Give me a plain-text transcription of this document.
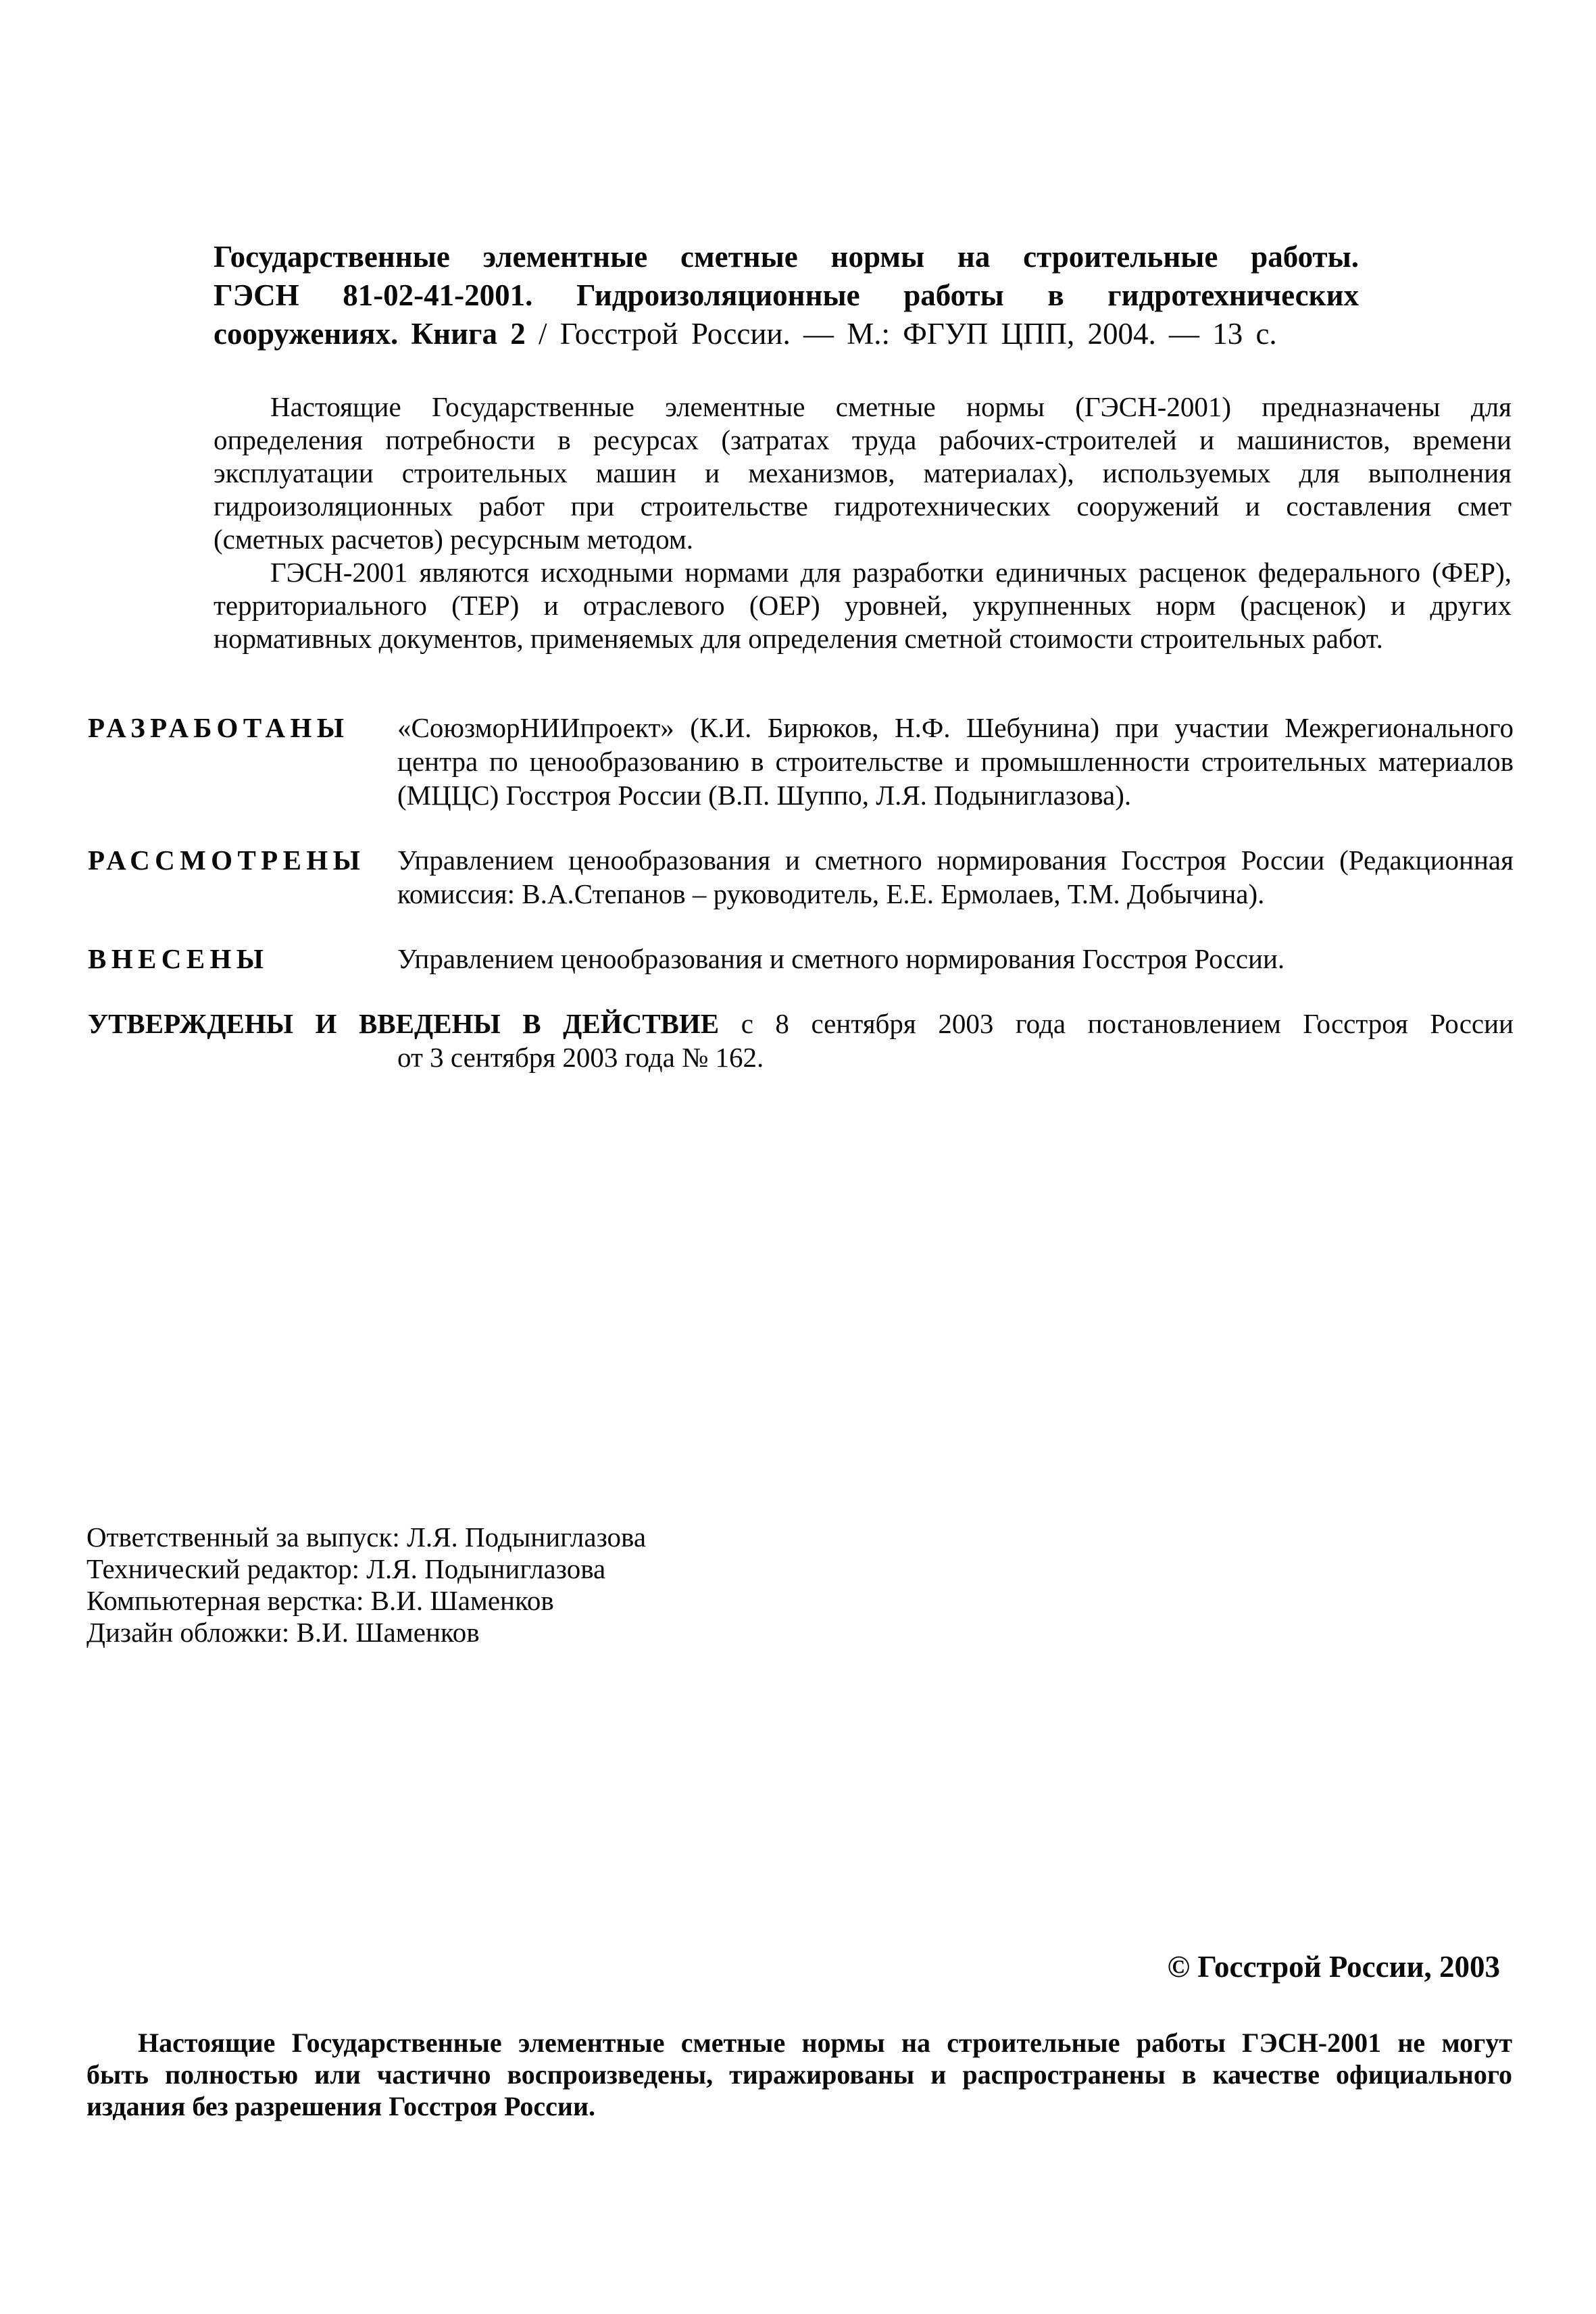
Государственные элементные сметные нормы на строительные работы.
ГЭСН 81-02-41-2001. Гидроизоляционные работы в гидротехнических
сооружениях. Книга 2 / Госстрой России. — М.: ФГУП ЦПП, 2004. — 13 с.
Настоящие Государственные элементные сметные нормы (ГЭСН-2001) предназначены для
определения потребности в ресурсах (затратах труда рабочих-строителей и машинистов, времени
эксплуатации строительных машин и механизмов, материалах), используемых для выполнения
гидроизоляционных работ при строительстве гидротехнических сооружений и составления смет
(сметных расчетов) ресурсным методом.
ГЭСН-2001 являются исходными нормами для разработки единичных расценок федерального (ФЕР),
территориального (ТЕР) и отраслевого (ОЕР) уровней, укрупненных норм (расценок) и других
нормативных документов, применяемых для определения сметной стоимости строительных работ.
РАЗРАБОТАНЫ	«СоюзморНИИпроект» (К.И. Бирюков, Н.Ф. Шебунина) при участии Межрегионального
центра по ценообразованию в строительстве и промышленности строительных материалов
(МЦЦС) Госстроя России (В.П. Шуппо, Л.Я. Подыниглазова).
РАССМОТРЕНЫ	Управлением ценообразования и сметного нормирования Госстроя России (Редакционная
комиссия: В.А.Степанов – руководитель, Е.Е. Ермолаев, Т.М. Добычина).
ВНЕСЕНЫ	Управлением ценообразования и сметного нормирования Госстроя России.
УТВЕРЖДЕНЫ И ВВЕДЕНЫ В ДЕЙСТВИЕ с 8 сентября 2003 года постановлением Госстроя России
от 3 сентября 2003 года № 162.
Ответственный за выпуск: Л.Я. Подыниглазова
Технический редактор: Л.Я. Подыниглазова
Компьютерная верстка: В.И. Шаменков
Дизайн обложки: В.И. Шаменков
© Госстрой России, 2003
Настоящие Государственные элементные сметные нормы на строительные работы ГЭСН-2001 не могут
быть полностью или частично воспроизведены, тиражированы и распространены в качестве официального
издания без разрешения Госстроя России.
